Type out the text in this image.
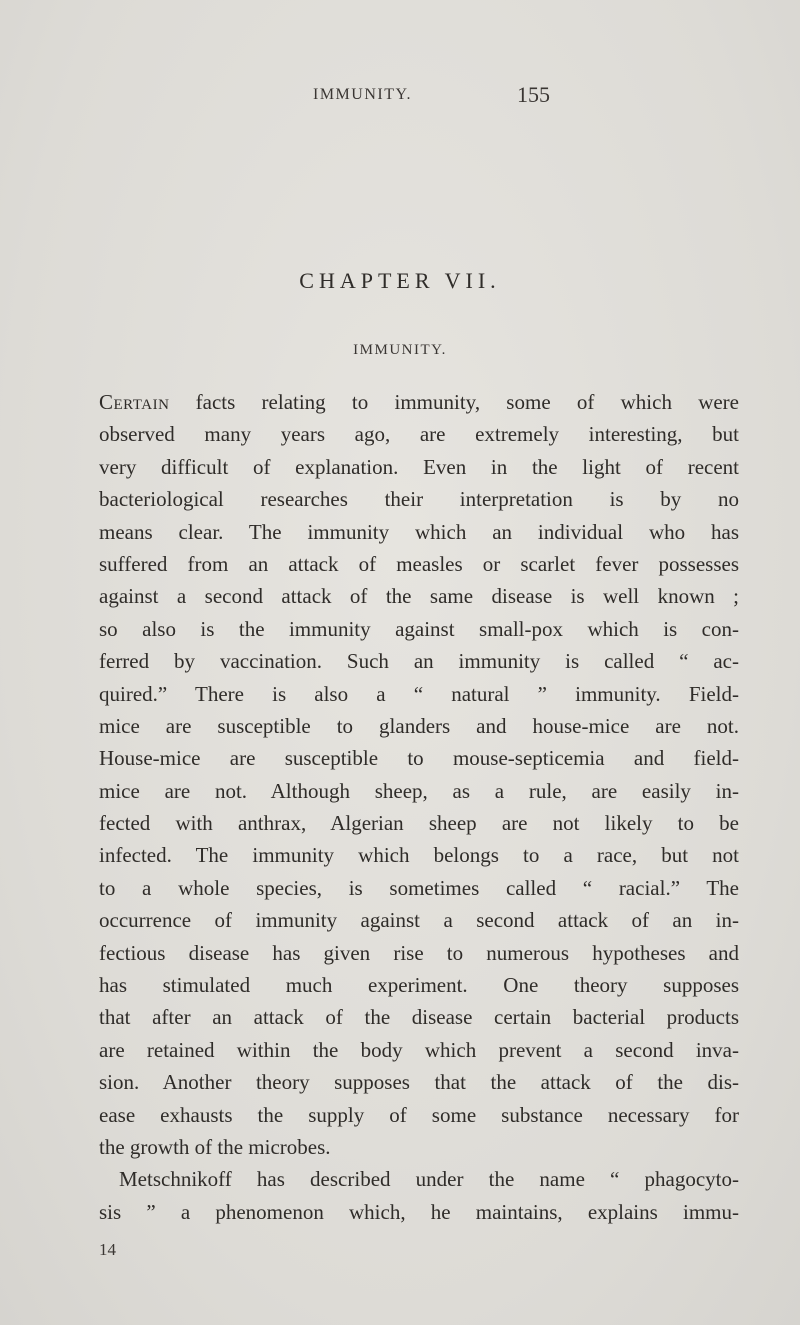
IMMUNITY.	155
CHAPTER VII.
IMMUNITY.
Certain facts relating to immunity, some of which were
observed many years ago, are extremely interesting, but
very difficult of explanation. Even in the light of recent
bacteriological researches their interpretation is by no
means clear. The immunity which an individual who has
suffered from an attack of measles or scarlet fever possesses
against a second attack of the same disease is well known ;
so also is the immunity against small-pox which is con-
ferred by vaccination. Such an immunity is called “ ac-
quired.” There is also a “ natural ” immunity. Field-
mice are susceptible to glanders and house-mice are not.
House-mice are susceptible to mouse-septicemia and field-
mice are not. Although sheep, as a rule, are easily in-
fected with anthrax, Algerian sheep are not likely to be
infected. The immunity which belongs to a race, but not
to a whole species, is sometimes called “ racial.” The
occurrence of immunity against a second attack of an in-
fectious disease has given rise to numerous hypotheses and
has stimulated much experiment. One theory supposes
that after an attack of the disease certain bacterial products
are retained within the body which prevent a second inva-
sion. Another theory supposes that the attack of the dis-
ease exhausts the supply of some substance necessary for
the growth of the microbes.
Metschnikoff has described under the name “ phagocyto-
sis ” a phenomenon which, he maintains, explains immu-
14
